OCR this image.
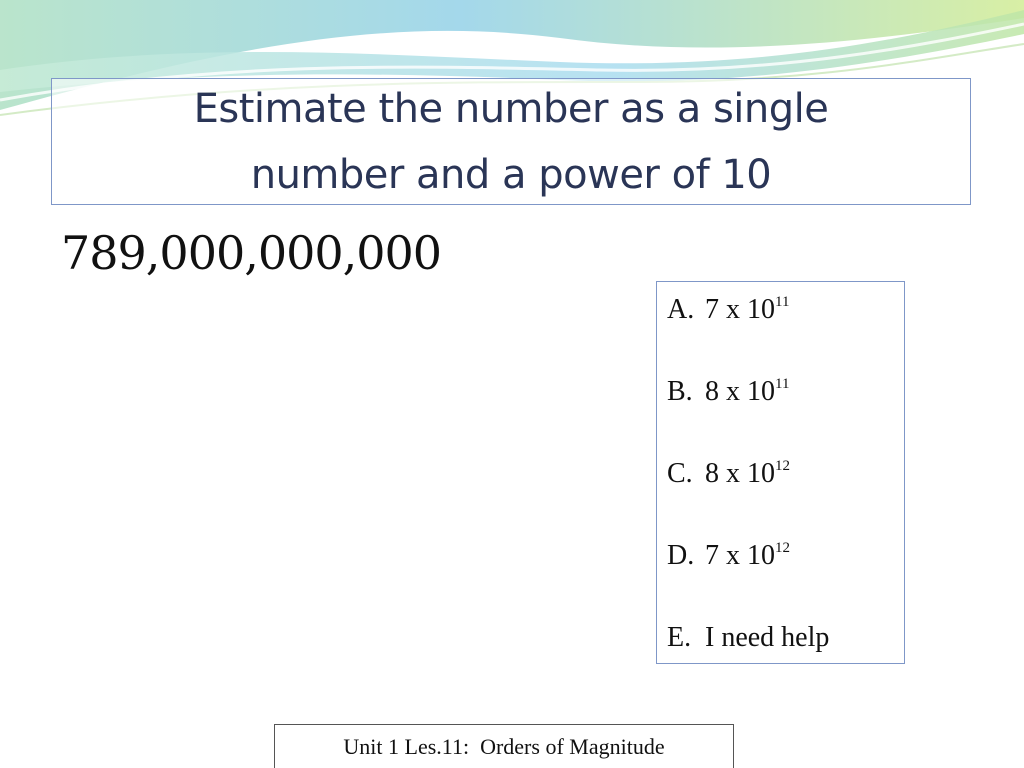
Estimate the number as a single
number and a power of 10
789,000,000,000
A. 7 x $10^{11}$
B. 8 x $10^{11}$
C. 8 x $10^{12}$
D. 7 x $10^{12}$
E. I need help
Unit 1 Les.11:  Orders of Magnitude
